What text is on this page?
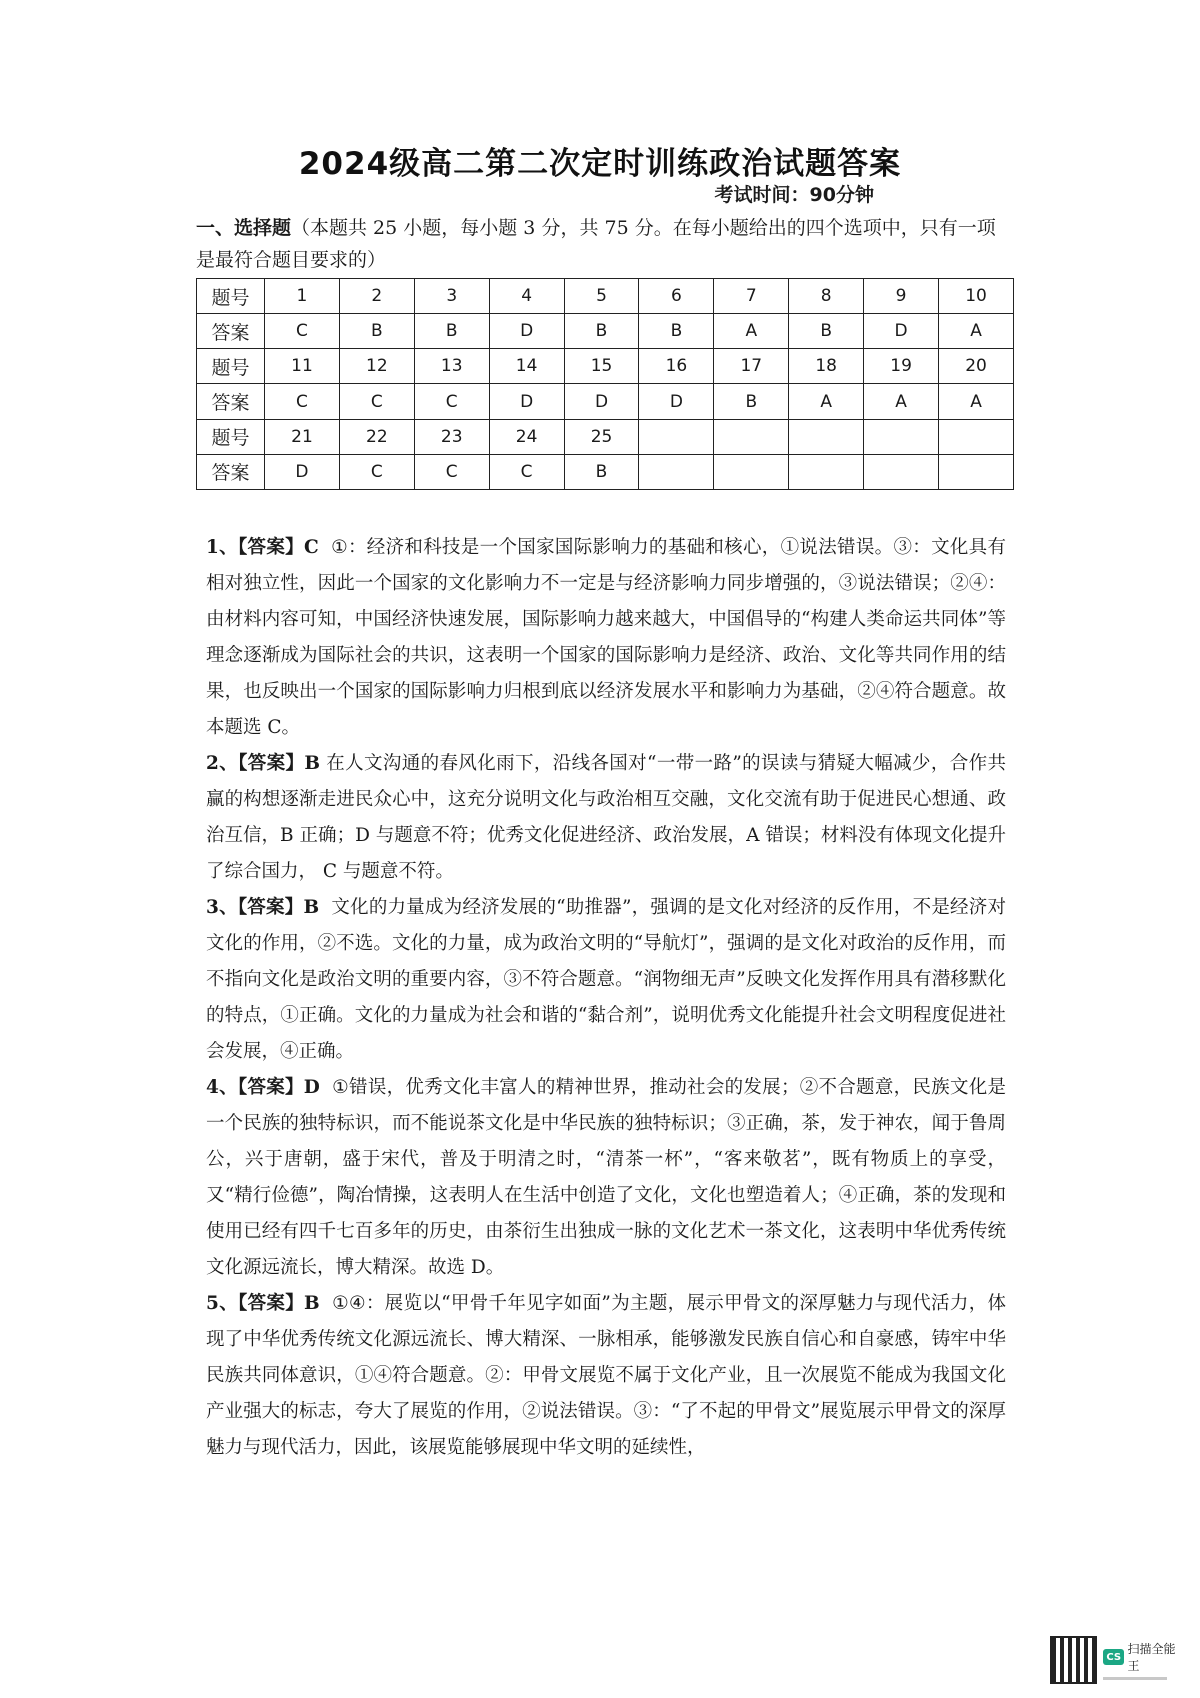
2024级高二第二次定时训练政治试题答案
考试时间：90分钟
一、选择题（本题共 25 小题，每小题 3 分，共 75 分。在每小题给出的四个选项中，只有一项是最符合题目要求的）
题号	1	2	3	4	5	6	7	8	9	10
答案	C	B	B	D	B	B	A	B	D	A
题号	11	12	13	14	15	16	17	18	19	20
答案	C	C	C	D	D	D	B	A	A	A
题号	21	22	23	24	25					
答案	D	C	C	C	B					

1、【答案】C ①：经济和科技是一个国家国际影响力的基础和核心，①说法错误。③：文化具有相对独立性，因此一个国家的文化影响力不一定是与经济影响力同步增强的，③说法错误；②④：由材料内容可知，中国经济快速发展，国际影响力越来越大，中国倡导的“构建人类命运共同体”等理念逐渐成为国际社会的共识，这表明一个国家的国际影响力是经济、政治、文化等共同作用的结果，也反映出一个国家的国际影响力归根到底以经济发展水平和影响力为基础，②④符合题意。故本题选 C。

2、【答案】B 在人文沟通的春风化雨下，沿线各国对“一带一路”的误读与猜疑大幅减少，合作共赢的构想逐渐走进民众心中，这充分说明文化与政治相互交融，文化交流有助于促进民心想通、政治互信，B 正确；D 与题意不符；优秀文化促进经济、政治发展，A 错误；材料没有体现文化提升了综合国力， C 与题意不符。

3、【答案】B 文化的力量成为经济发展的“助推器”，强调的是文化对经济的反作用，不是经济对文化的作用，②不选。文化的力量，成为政治文明的“导航灯”，强调的是文化对政治的反作用，而不指向文化是政治文明的重要内容，③不符合题意。“润物细无声”反映文化发挥作用具有潜移默化的特点，①正确。文化的力量成为社会和谐的“黏合剂”，说明优秀文化能提升社会文明程度促进社会发展，④正确。

4、【答案】D ①错误，优秀文化丰富人的精神世界，推动社会的发展；②不合题意，民族文化是一个民族的独特标识，而不能说茶文化是中华民族的独特标识；③正确，茶，发于神农，闻于鲁周公，兴于唐朝，盛于宋代，普及于明清之时，“清茶一杯”，“客来敬茗”，既有物质上的享受，又“精行俭德”，陶冶情操，这表明人在生活中创造了文化，文化也塑造着人；④正确，茶的发现和使用已经有四千七百多年的历史，由茶衍生出独成一脉的文化艺术一茶文化，这表明中华优秀传统文化源远流长，博大精深。故选 D。

5、【答案】B ①④：展览以“甲骨千年见字如面”为主题，展示甲骨文的深厚魅力与现代活力，体现了中华优秀传统文化源远流长、博大精深、一脉相承，能够激发民族自信心和自豪感，铸牢中华民族共同体意识，①④符合题意。②：甲骨文展览不属于文化产业，且一次展览不能成为我国文化产业强大的标志，夸大了展览的作用，②说法错误。③：“了不起的甲骨文”展览展示甲骨文的深厚魅力与现代活力，因此，该展览能够展现中华文明的延续性，

CS
扫描全能王
